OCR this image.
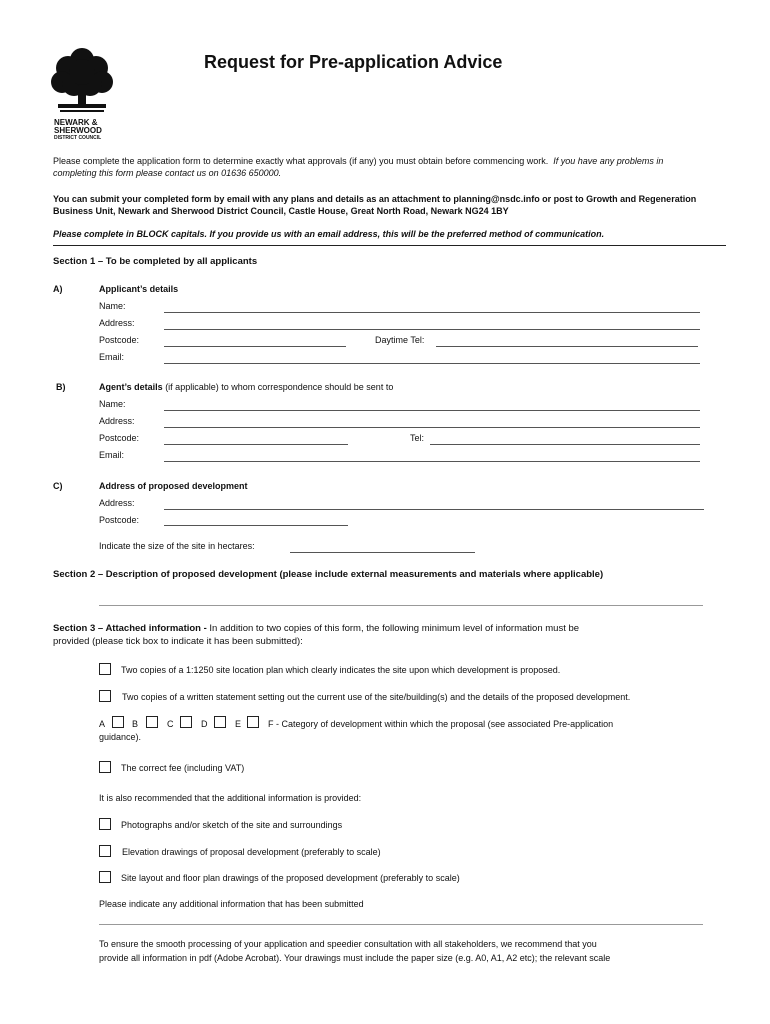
NEWARK &
SHERWOOD
DISTRICT COUNCIL
Request for Pre-application Advice
Please complete the application form to determine exactly what approvals (if any) you must obtain before commencing work. If you have any problems in
completing this form please contact us on 01636 650000.
You can submit your completed form by email with any plans and details as an attachment to planning@nsdc.info or post to Growth and Regeneration
Business Unit, Newark and Sherwood District Council, Castle House, Great North Road, Newark NG24 1BY
Please complete in BLOCK capitals. If you provide us with an email address, this will be the preferred method of communication.
Section 1 – To be completed by all applicants
A)	Applicant’s details
Name:
Address:
Postcode:	Daytime Tel:
Email:
B)	Agent’s details (if applicable) to whom correspondence should be sent to
Name:
Address:
Postcode:	Tel:
Email:
C)	Address of proposed development
Address:
Postcode:
Indicate the size of the site in hectares:
Section 2 – Description of proposed development (please include external measurements and materials where applicable)
Section 3 – Attached information - In addition to two copies of this form, the following minimum level of information must be
provided (please tick box to indicate it has been submitted):
Two copies of a 1:1250 site location plan which clearly indicates the site upon which development is proposed.
Two copies of a written statement setting out the current use of the site/building(s) and the details of the proposed development.
A	B	C	D	E	F - Category of development within which the proposal (see associated Pre-application
guidance).
The correct fee (including VAT)
It is also recommended that the additional information is provided:
Photographs and/or sketch of the site and surroundings
Elevation drawings of proposal development (preferably to scale)
Site layout and floor plan drawings of the proposed development (preferably to scale)
Please indicate any additional information that has been submitted
To ensure the smooth processing of your application and speedier consultation with all stakeholders, we recommend that you
provide all information in pdf (Adobe Acrobat). Your drawings must include the paper size (e.g. A0, A1, A2 etc); the relevant scale
